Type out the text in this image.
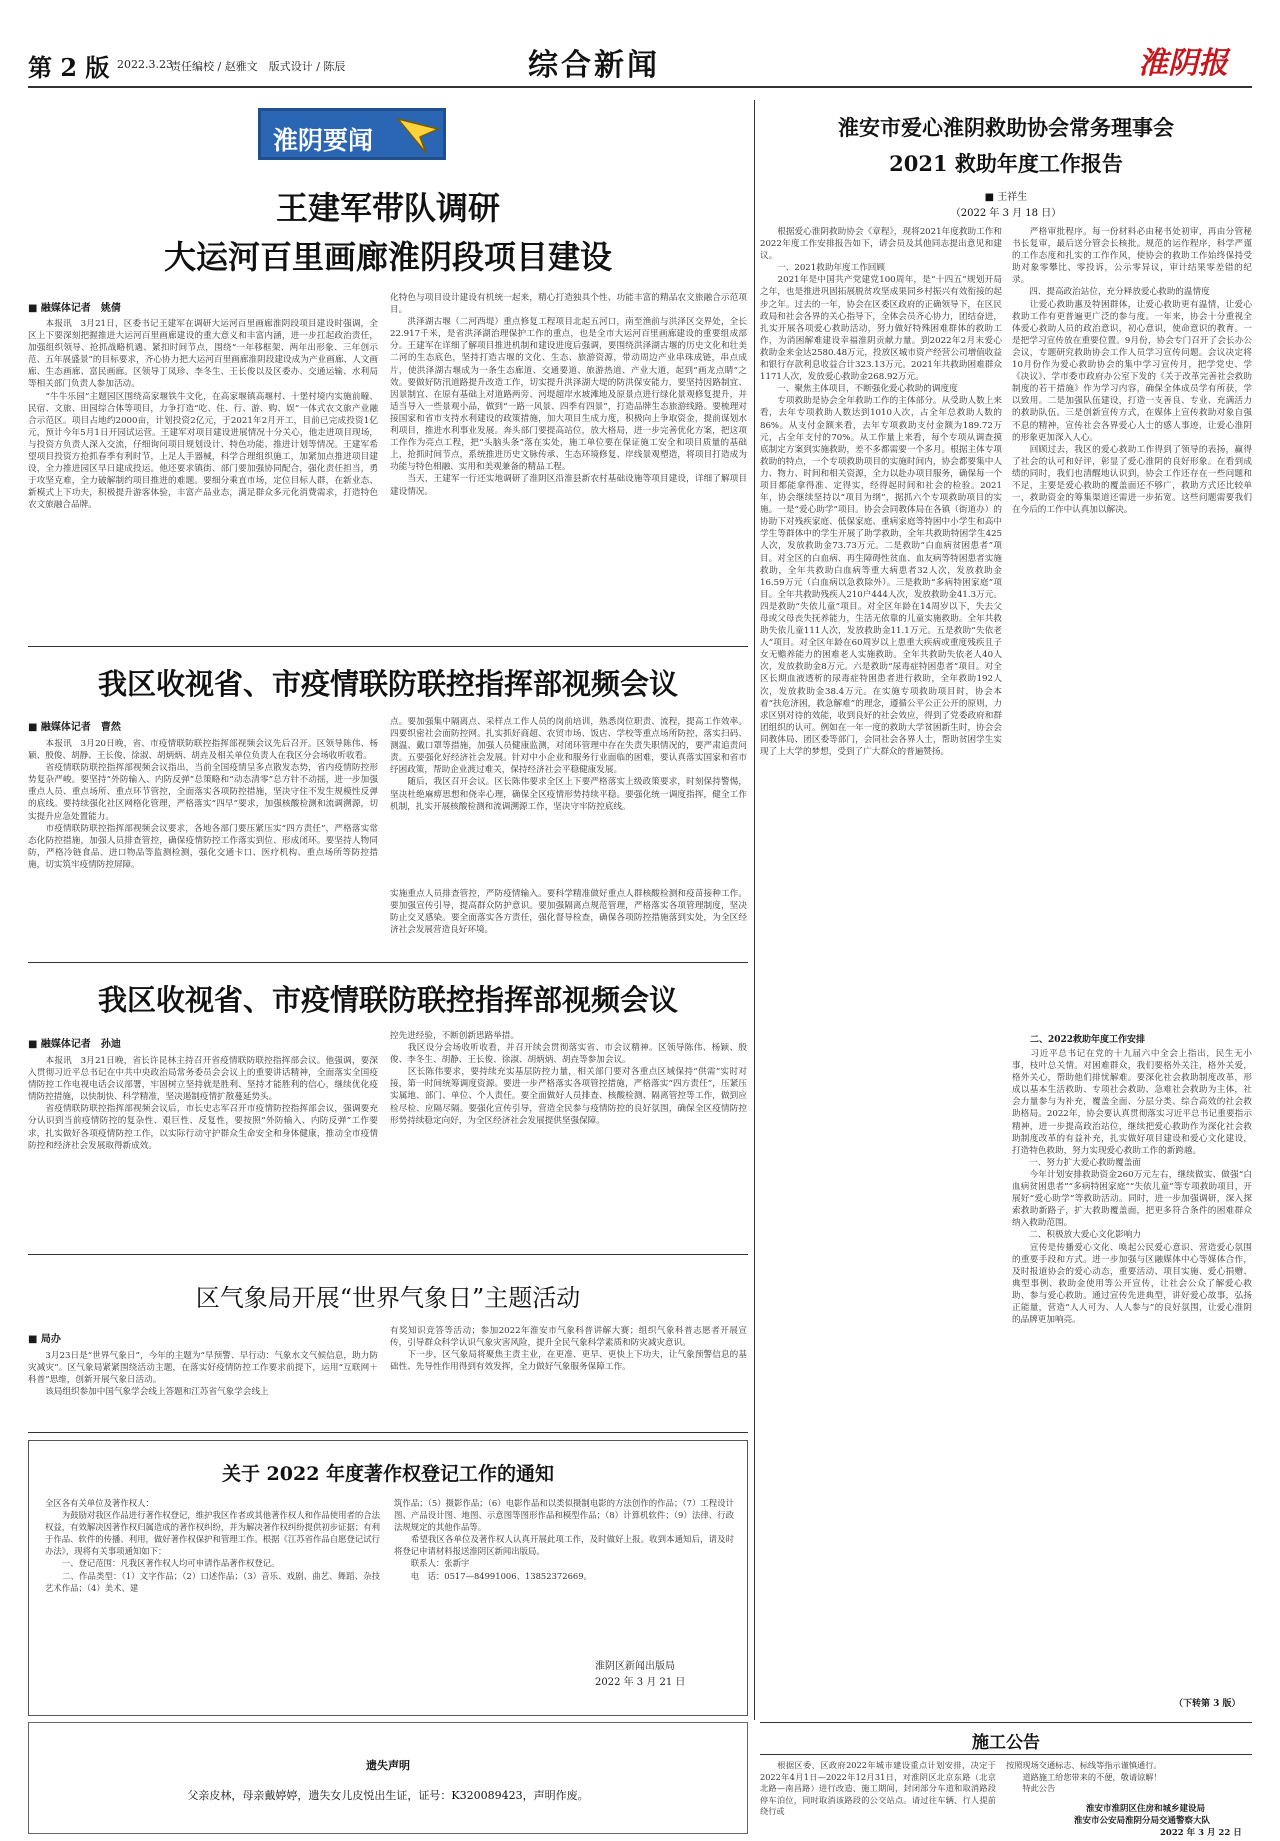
第 2 版 2022.3.23
责任编校 / 赵雅文　版式设计 / 陈辰	综合新闻	淮阴报
淮阴要闻
王建军带队调研
大运河百里画廊淮阴段项目建设
■ 融媒体记者　姚倩
　　本报讯　3月21日，区委书记王建军在调研大运河百里画廊淮阴段项目建设时强调，全区上下要深刻把握推进大运河百里画廊建设的重大意义和丰富内涵，进一步扛起政治责任，加强组织领导、抢抓战略机遇、紧扣时间节点，围绕“一年移框架、两年出形象、三年创示范、五年展盛景”的目标要求，齐心协力把大运河百里画廊淮阴段建设成为产业画廊、人文画廊、生态画廊、富民画廊。区领导丁凤珍、李冬生、王长俊以及区委办、交通运输、水利局等相关部门负责人参加活动。
　　“牛牛乐园”主题园区围绕高家堰铁牛文化，在高家堰镇高堰村、十堡村境内实施前疃、民宿、文旅、田园综合体等项目，力争打造“吃、住、行、游、购、娱”一体式农文旅产业融合示范区。项目占地约2000亩，计划投资2亿元，于2021年2月开工，目前已完成投资1亿元，预计今年5月1日开园试运营。王建军对项目建设进展情况十分关心，他走进项目现场，与投资方负责人深入交流，仔细询问项目规划设计、特色功能、推进计划等情况。王建军希望项目投资方抢抓春季有利时节，上足人手器械，科学合理组织施工，加紧加点推进项目建设，全力推进园区早日建成投运。他还要求镇街、部门要加强协同配合，强化责任担当，勇于攻坚克难，全力破解制约项目推进的难题。要细分乘直市场，定位目标人群，在新业态、新模式上下功夫，积极提升游客体验，丰富产品业态，满足群众多元化消费需求，打造特色农文旅融合品牌。
化特色与项目设计建设有机统一起来，精心打造独具个性、功能丰富的精品农文旅融合示范项目。
　　洪泽湖古堰（二河西堤）重点修复工程项目北起五河口，南至渔前与洪泽区交界处，全长22.917千米，是省洪泽湖治理保护工作的重点，也是全市大运河百里画廊建设的重要组成部分。王建军在详细了解项目推进机制和建设进度后强调，要围绕洪泽湖古堰的历史文化和壮美二河的生态底色，坚持打造古堰的文化、生态、旅游资源，带动周边产业串珠成链，串点成片，使洪泽湖古堰成为一条生态廊道、交通要道、旅游热道、产业大道，起到“画龙点睛”之效。要做好防汛道路提升改造工作，切实提升洪泽湖大堤的防洪保安能力，要坚持因路制宜、因景制宜、在原有基础上对道路两旁、河堤超岸水坡滩地及原景点进行绿化景观修复提升，并适当导入一些景观小品，做到“一路一风景、四季有四景”，打造品牌生态旅游线路。要梳理对接国家和省市支持水利建设的政策措施，加大项目生成力度，积极向上争取资金，提前谋划水利项目，推进水利事业发展。奔头部门要提高站位，放大格局，进一步完善优化方案，把这项工作作为亮点工程，把“头脑头条”落在实处，施工单位要在保证施工安全和项目质量的基础上，抢抓时间节点，系统推进历史文脉传承、生态环境修复、岸线景观塑造，将项目打造成为功能与特色相融、实用和美观兼备的精品工程。
　　当天，王建军一行还实地调研了淮阴区沿淮县新农村基础设施等项目建设，详细了解项目建设情况。
我区收视省、市疫情联防联控指挥部视频会议
■ 融媒体记者　曹然
　　本报讯　3月20日晚，省、市疫情联防联控指挥部视频会议先后召开。区领导陈伟、杨颖、殷俊、胡静、王长俊、徐淑、胡炳炳、胡垚及相关单位负责人在我区分会场收听收看。
　　省疫情联防联控指挥部视频会议指出，当前全国疫情呈多点散发态势，省内疫情防控形势复杂严峻。要坚持“外防输入、内防反弹”总策略和“动态清零”总方针不动摇，进一步加强重点人员、重点场所、重点环节管控，全面落实各项防控措施，坚决守住不发生规模性反弹的底线。要持续强化社区网格化管理，严格落实“四早”要求，加强核酸检测和流调溯源，切实提升应急处置能力。
　　市疫情联防联控指挥部视频会议要求，各地各部门要压紧压实“四方责任”，严格落实常态化防控措施，加强人员排查管控，确保疫情防控工作落实到位、形成闭环。要坚持人物同防，严格冷链食品、进口物品等监测检测，强化交通卡口、医疗机构、重点场所等防控措施，切实筑牢疫情防控屏障。
点。要加强集中隔离点、采样点工作人员的岗前培训，熟悉岗位职责、流程，提高工作效率。四要织密社会面防控网。扎实抓好商超、农贸市场、饭店、学校等重点场所防控，落实扫码、测温、戴口罩等措施，加强人员健康监测，对闭环管理中存在失责失职情况的，要严肃追责问责。五要强化好经济社会发展。针对中小企业和服务行业面临的困难，要认真落实国家和省市纾困政策，帮助企业渡过难关，保持经济社会平稳健康发展。
　　随后，我区召开会议。区长陈伟要求全区上下要严格落实上级政策要求，时刻保持警惕，坚决杜绝麻痹思想和侥幸心理，确保全区疫情形势持续平稳。要强化统一调度指挥，健全工作机制，扎实开展核酸检测和流调溯源工作，坚决守牢防控底线。
实施重点人员排查管控，严防疫情输入。要科学精准做好重点人群核酸检测和疫苗接种工作。要加强宣传引导，提高群众防护意识。要加强隔离点规范管理，严格落实各项管理制度，坚决防止交叉感染。要全面落实各方责任，强化督导检查，确保各项防控措施落到实处，为全区经济社会发展营造良好环境。
我区收视省、市疫情联防联控指挥部视频会议
■ 融媒体记者　孙迪
　　本报讯　3月21日晚，省长许昆林主持召开省疫情联防联控指挥部会议。他强调，要深入贯彻习近平总书记在中共中央政治局常务委员会会议上的重要讲话精神，全面落实全国疫情防控工作电视电话会议部署，牢固树立坚持就是胜利、坚持才能胜利的信心，继续优化疫情防控措施，以快制快、科学精准，坚决遏制疫情扩散蔓延势头。
　　省疫情联防联控指挥部视频会议后，市长史志军召开市疫情防控指挥部会议，强调要充分认识到当前疫情防控的复杂性、艰巨性、反复性，要按照“外防输入、内防反弹”工作要求，扎实做好各项疫情防控工作，以实际行动守护群众生命安全和身体健康，推动全市疫情防控和经济社会发展取得新成效。
控先进经验，不断创新思路举措。
　　我区设分会场收听收看，并召开续会贯彻落实省、市会议精神。区领导陈伟、杨颖、殷俊、李冬生、胡静、王长俊、徐淑、胡炳炳、胡垚等参加会议。
　　区长陈伟要求，要持续充实基层防控力量，相关部门要对各重点区域保持“供需”实时对接，第一时间统筹调度资源。要进一步严格落实各项管控措施，严格落实“四方责任”，压紧压实属地、部门、单位、个人责任。要全面做好人员排查、核酸检测、隔离管控等工作，做到应检尽检、应隔尽隔。要强化宣传引导，营造全民参与疫情防控的良好氛围，确保全区疫情防控形势持续稳定向好，为全区经济社会发展提供坚强保障。
区气象局开展“世界气象日”主题活动
■ 局办
　　3月23日是“世界气象日”，今年的主题为“早预警、早行动：气象水文气候信息，助力防灾减灾”。区气象局紧紧围绕活动主题，在落实好疫情防控工作要求前提下，运用“互联网＋科普”思维，创新开展气象日活动。
　　该局组织参加中国气象学会线上答题和江苏省气象学会线上
有奖知识竞答等活动；参加2022年淮安市气象科普讲解大赛；组织气象科普志愿者开展宣传，引导群众科学认识气象灾害风险，提升全民气象科学素质和防灾减灾意识。
　　下一步，区气象局将聚焦主责主业，在更准、更早、更快上下功夫，让气象预警信息的基础性、先导性作用得到有效发挥，全力做好气象服务保障工作。
关于 2022 年度著作权登记工作的通知
全区各有关单位及著作权人：
　　为鼓励对我区作品进行著作权登记，维护我区作者或其他著作权人和作品使用者的合法权益，有效解决因著作权归属造成的著作权纠纷，并为解决著作权纠纷提供初步证据；有利于作品、软件的传播、利用，做好著作权保护和管理工作。根据《江苏省作品自愿登记试行办法》，现将有关事项通知如下：
　　一、登记范围：凡我区著作权人均可申请作品著作权登记。
　　二、作品类型：（1）文字作品；（2）口述作品；（3）音乐、戏剧、曲艺、舞蹈、杂技艺术作品；（4）美术、建
筑作品；（5）摄影作品；（6）电影作品和以类似摄制电影的方法创作的作品；（7）工程设计图、产品设计图、地图、示意图等图形作品和模型作品；（8）计算机软件；（9）法律、行政法规规定的其他作品等。
　　希望我区各单位及著作权人认真开展此项工作，及时做好上报。收到本通知后，请及时将登记申请材料报送淮阴区新闻出版局。
　　联系人：张新宇
　　电　话：0517—84991006、13852372669。
淮阴区新闻出版局
2022 年 3 月 21 日
淮安市爱心淮阴救助协会常务理事会
2021 救助年度工作报告
■ 王祥生
（2022 年 3 月 18 日）
　　根据爱心淮阴救助协会《章程》，现将2021年度救助工作和2022年度工作安排报告如下，请会员及其他同志提出意见和建议。
　　一、2021救助年度工作回顾
　　2021年是中国共产党建党100周年，是“十四五”规划开局之年，也是推进巩固拓展脱贫攻坚成果同乡村振兴有效衔接的起步之年。过去的一年，协会在区委区政府的正确领导下，在区民政局和社会各界的关心指导下，全体会员齐心协力，团结奋进，扎实开展各项爱心救助活动，努力做好特殊困难群体的救助工作，为消困解难建设幸福淮阴贡献力量。到2022年2月末爱心救助金来金达2580.48万元，投放区城市资产经营公司增值收益和银行存款利息收益合计323.13万元。2021年共救助困难群众1171人次，发放爱心救助金268.92万元。
　　一、聚焦主体项目，不断强化爱心救助的调度度
　　专项救助是协会全年救助工作的主体部分。从受助人数上来看，去年专项救助人数达到1010人次，占全年总救助人数的86%。从支付金额来看，去年专项救助支付金额为189.72万元，占全年支付的70%。从工作量上来看，每个专项从调查摸底制定方案到实施救助，差不多都需要一个多月。根据主体专项救助的特点，一个专项救助项目的实施时间内，协会都要集中人力、物力、时间和相关资源，全力以赴办项目服务，确保每一个项目都能拿得准、定得实，经得起时间和社会的检验。2021年，协会继续坚持以“项目为纲”，据抓六个专项救助项目的实施。一是“爱心助学”项目。协会会同教体局在各镇（街道办）的协助下对残疾家庭、低保家庭、重病家庭等特困中小学生和高中学生等群体中的学生开展了助学救助，全年共救助特困学生425人次，发放救助金73.73万元。二是救助“白血病贫困患者”项目。对全区的白血病、再生障碍性贫血、血友病等特困患者实施救助，全年共救助白血病等重大病患者32人次，发放救助金16.59万元（白血病以急救除外）。三是救助“多病特困家庭”项目。全年共救助残疾人210户444人次，发放救助金41.3万元。四是救助“失依儿童”项目。对全区年龄在14周岁以下，失去父母或父母丧失抚养能力，生活无依靠的儿童实施救助。全年共救助失依儿童111人次，发放救助金11.1万元。五是救助“失依老人”项目。对全区年龄在60周岁以上患重大疾病或重度残疾且子女无赡养能力的困难老人实施救助。全年共救助失依老人40人次，发放救助金8万元。六是救助“尿毒症特困患者”项目。对全区长期血液透析的尿毒症特困患者进行救助，全年救助192人次，发放救助金38.4万元。在实施专项救助项目时，协会本着“扶危济困，救急解难”的理念，遵循公平公正公开的原则，力求区别对待的效能，收到良好的社会效应，得到了党委政府和群团组织的认可。例如在一年一度的救助大学贫困新生时，协会会同教体局、团区委等部门，会同社会各界人士，帮助贫困学生实现了上大学的梦想，受到了广大群众的普遍赞扬。
　　严格审批程序。每一份材料必由秘书处初审，再由分管秘书长复审，最后送分管会长核批。规范的运作程序，科学严谨的工作态度和扎实的工作作风，使协会的救助工作始终保持受助对象零攀比、零投诉，公示零异议，审计结果零差错的纪录。
　　四、提高政治站位，充分释放爱心救助的温情度
　　让爱心救助惠及特困群体，让爱心救助更有温情，让爱心救助工作有更普遍更广泛的参与度。一年来，协会十分重视全体爱心救助人员的政治意识，初心意识，使命意识的教育。一是把学习宣传放在重要位置。9月份，协会专门召开了会长办公会议，专题研究救助协会工作人员学习宣传问题。会议决定将10月份作为爱心救助协会的集中学习宣传月，把学党史、学《决议》、学市委市政府办公室下发的《关于改革完善社会救助制度的若干措施》作为学习内容，确保全体成员学有所获，学以致用。二是加强队伍建设，打造一支善良、专业、充满活力的救助队伍。三是创新宣传方式，在媒体上宣传救助对象自强不息的精神，宣传社会各界爱心人士的感人事迹，让爱心淮阴的形象更加深入人心。
　　回顾过去，我区的爱心救助工作得到了领导的表扬，赢得了社会的认可和好评，彰显了爱心淮阴的良好形象。在看到成绩的同时，我们也清醒地认识到，协会工作还存在一些问题和不足，主要是爱心救助的覆盖面还不够广，救助方式还比较单一，救助资金的筹集渠道还需进一步拓宽。这些问题需要我们在今后的工作中认真加以解决。
　　二、2022救助年度工作安排
　　习近平总书记在党的十九届六中全会上指出，民生无小事，枝叶总关情。对困难群众，我们要格外关注，格外关爱，格外关心，帮助他们排忧解难。要深化社会救助制度改革，形成以基本生活救助、专项社会救助、急难社会救助为主体，社会力量参与为补充，覆盖全面、分层分类、综合高效的社会救助格局。2022年，协会要认真贯彻落实习近平总书记重要指示精神，进一步提高政治站位，继续把爱心救助作为深化社会救助制度改革的有益补充，扎实做好项目建设和爱心文化建设，打造特色救助，努力实现爱心救助工作的新跨越。
　　一、努力扩大爱心救助覆盖面
　　今年计划安排救助资金260万元左右，继续做实、做强“白血病贫困患者”“多病特困家庭”“失依儿童”等专项救助项目，开展好“爱心助学”等救助活动。同时，进一步加强调研，深入探索救助新路子，扩大救助覆盖面，把更多符合条件的困难群众纳入救助范围。
　　二、积极放大爱心文化影响力
　　宣传是传播爱心文化、唤起公民爱心意识、营造爱心氛围的重要手段和方式。进一步加强与区融媒体中心等媒体合作，及时报道协会的爱心动态，重要活动、项目实施、爱心捐赠、典型事例、救助金使用等公开宣传，让社会公众了解爱心救助、参与爱心救助。通过宣传先进典型，讲好爱心故事，弘扬正能量，营造“人人可为、人人参与”的良好氛围，让爱心淮阴的品牌更加响亮。
（下转第 3 版）
施工公告
　　根据区委、区政府2022年城市建设重点计划安排，决定于2022年4月1日—2022年12月31日，对淮阴区北京东路（北京北路—南昌路）进行改造、施工期间，封闭部分车道和取消路段停车泊位，同时取消该路段的公交站点。请过往车辆、行人提前绕行或
按照现场交通标志、标线等指示谨慎通行。
　　道路施工给您带来的不便，敬请谅解！
　　特此公告
淮安市淮阴区住房和城乡建设局
淮安市公安局淮阴分局交通警察大队
2022 年 3 月 22 日
遗失声明
父亲皮林，母亲戴婷婷，遗失女儿皮悦出生证，证号：K320089423，声明作废。
